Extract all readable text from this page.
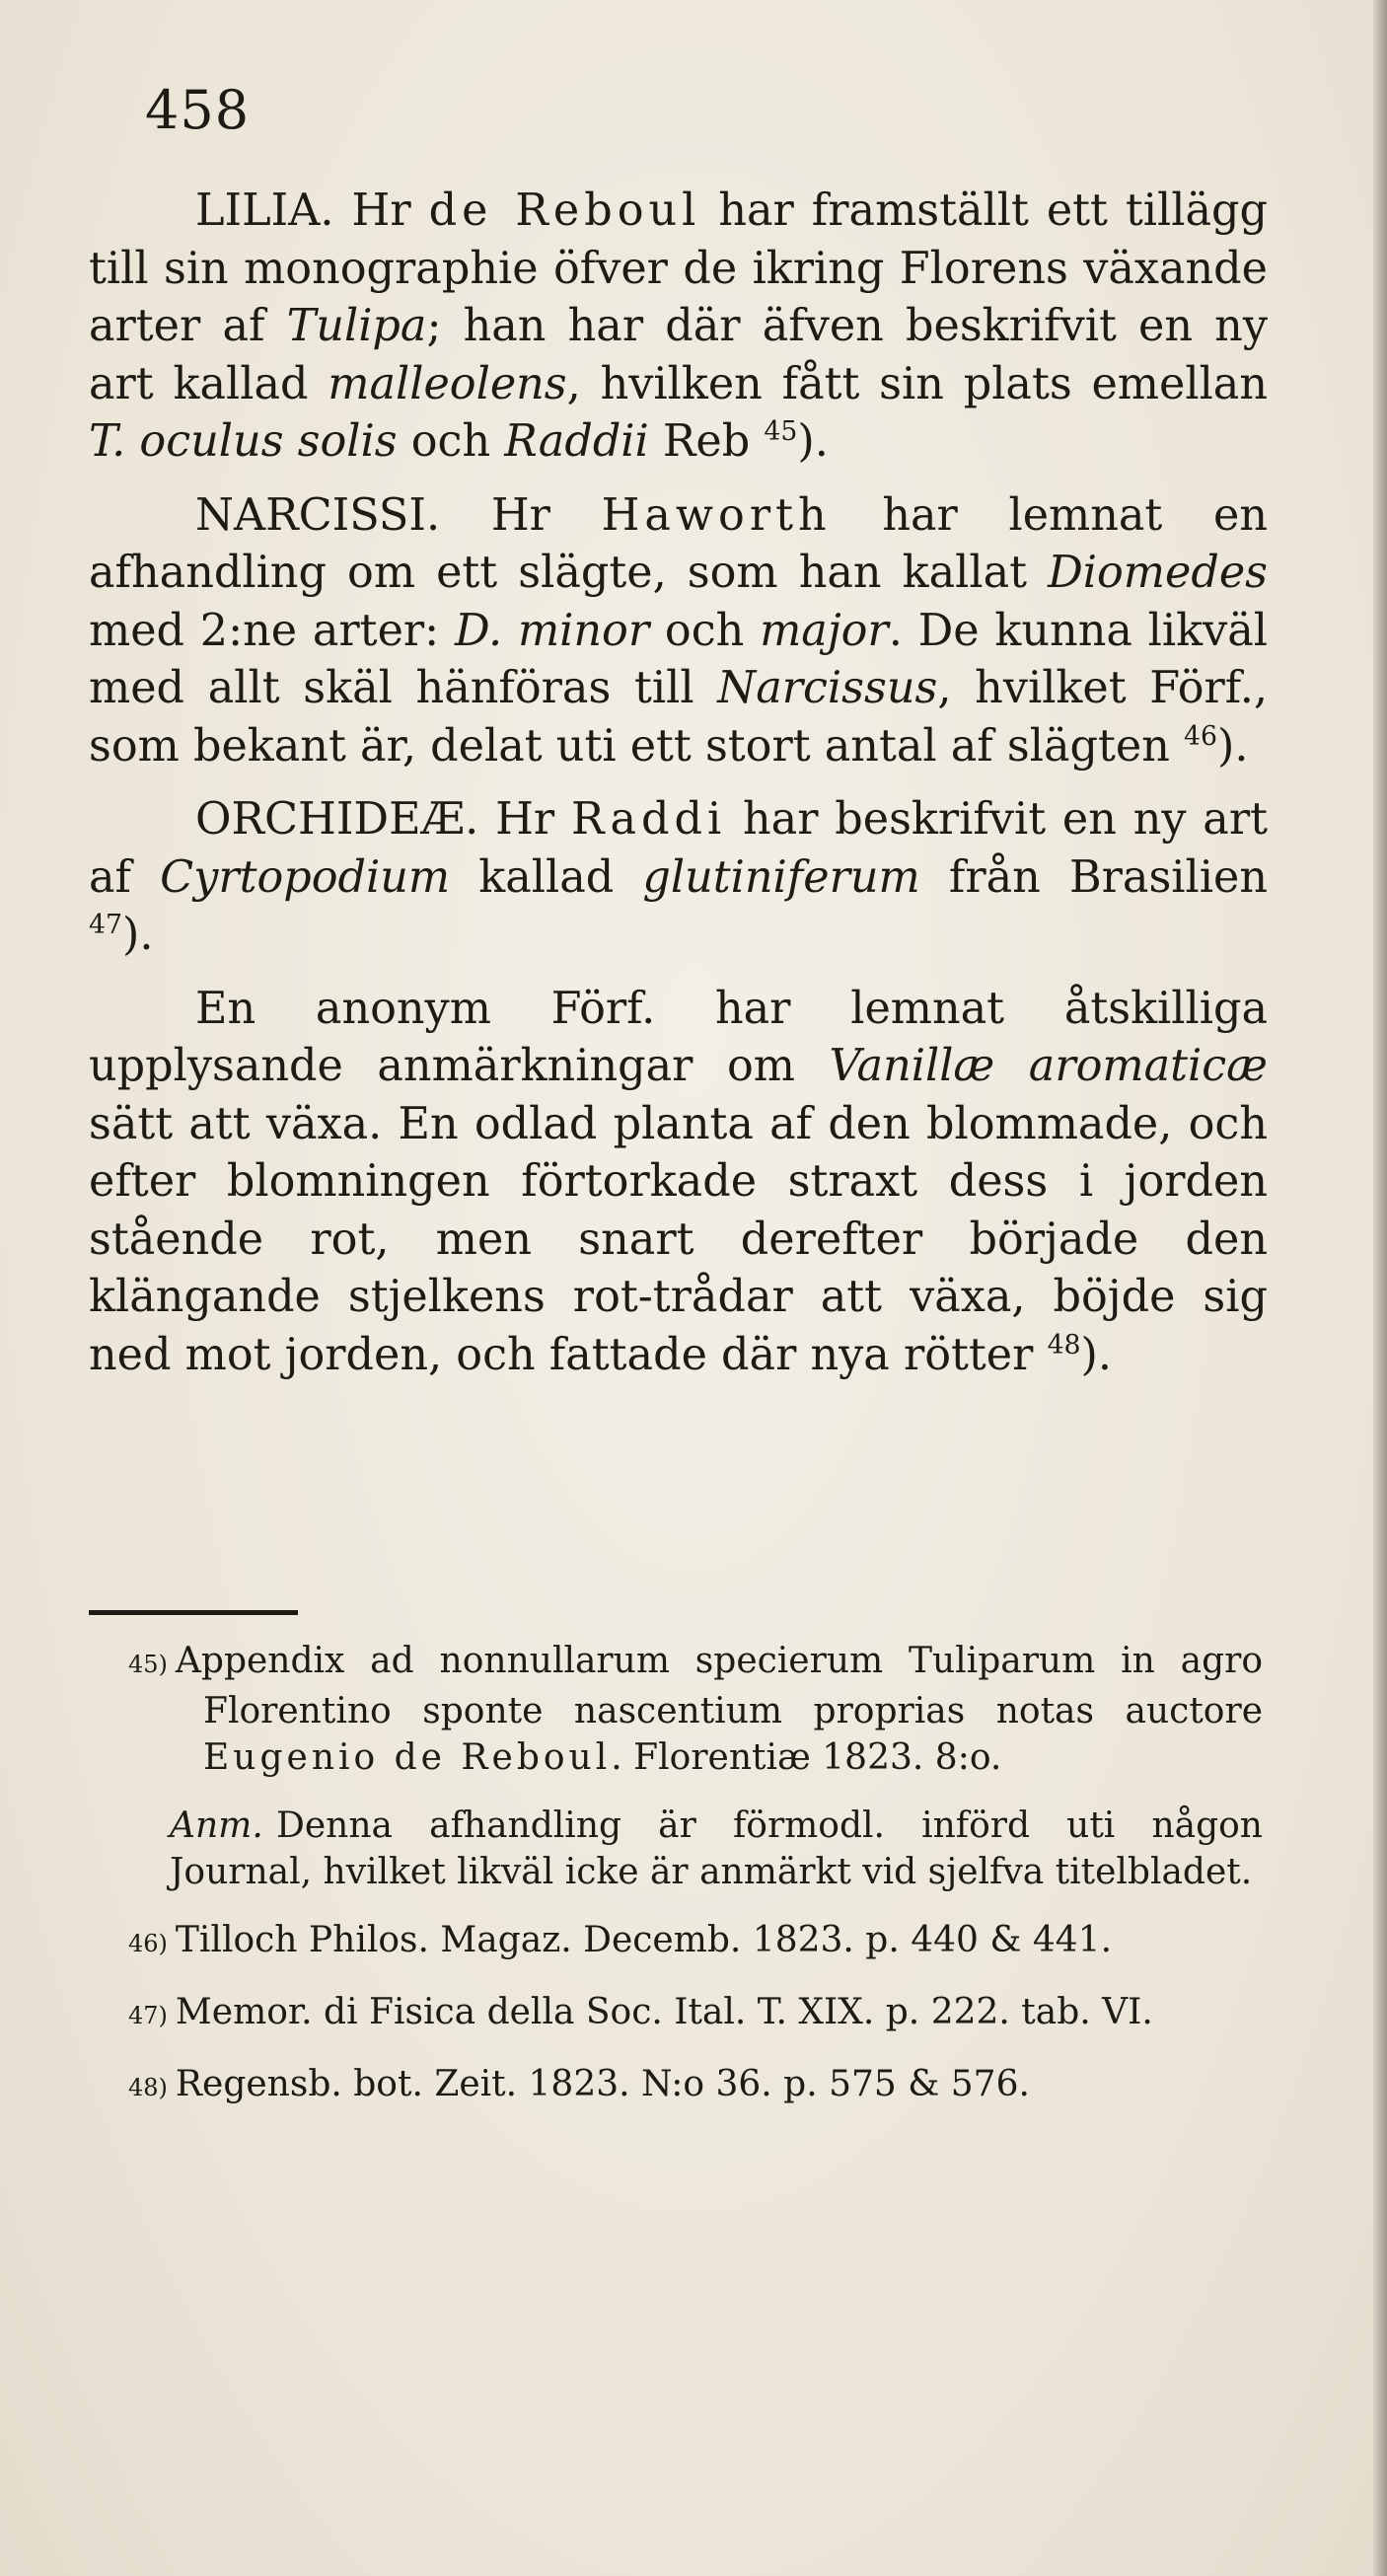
458

LILIA. Hr de Reboul har framställt ett tillägg till sin monographie öfver de ikring Florens växande arter af Tulipa; han har där äfven beskrifvit en ny art kallad malleolens, hvilken fått sin plats emellan T. oculus solis och Raddii Reb $^{45}$).

NARCISSI. Hr Haworth har lemnat en afhandling om ett slägte, som han kallat Diomedes med 2:ne arter: D. minor och major. De kunna likväl med allt skäl hänföras till Narcissus, hvilket Förf., som bekant är, delat uti ett stort antal af slägten $^{46}$).

ORCHIDEÆ. Hr Raddi har beskrifvit en ny art af Cyrtopodium kallad glutiniferum från Brasilien $^{47}$).

En anonym Förf. har lemnat åtskilliga upplysande anmärkningar om Vanillæ aromaticæ sätt att växa. En odlad planta af den blommade, och efter blomningen förtorkade straxt dess i jorden stående rot, men snart derefter började den klängande stjelkens rot-trådar att växa, böjde sig ned mot jorden, och fattade där nya rötter $^{48}$).

45) Appendix ad nonnullarum specierum Tuliparum in agro Florentino sponte nascentium proprias notas auctore Eugenio de Reboul. Florentiæ 1823. 8:o.

Anm. Denna afhandling är förmodl. införd uti någon Journal, hvilket likväl icke är anmärkt vid sjelfva titelbladet.

46) Tilloch Philos. Magaz. Decemb. 1823. p. 440 & 441.

47) Memor. di Fisica della Soc. Ital. T. XIX. p. 222. tab. VI.

48) Regensb. bot. Zeit. 1823. N:o 36. p. 575 & 576.
